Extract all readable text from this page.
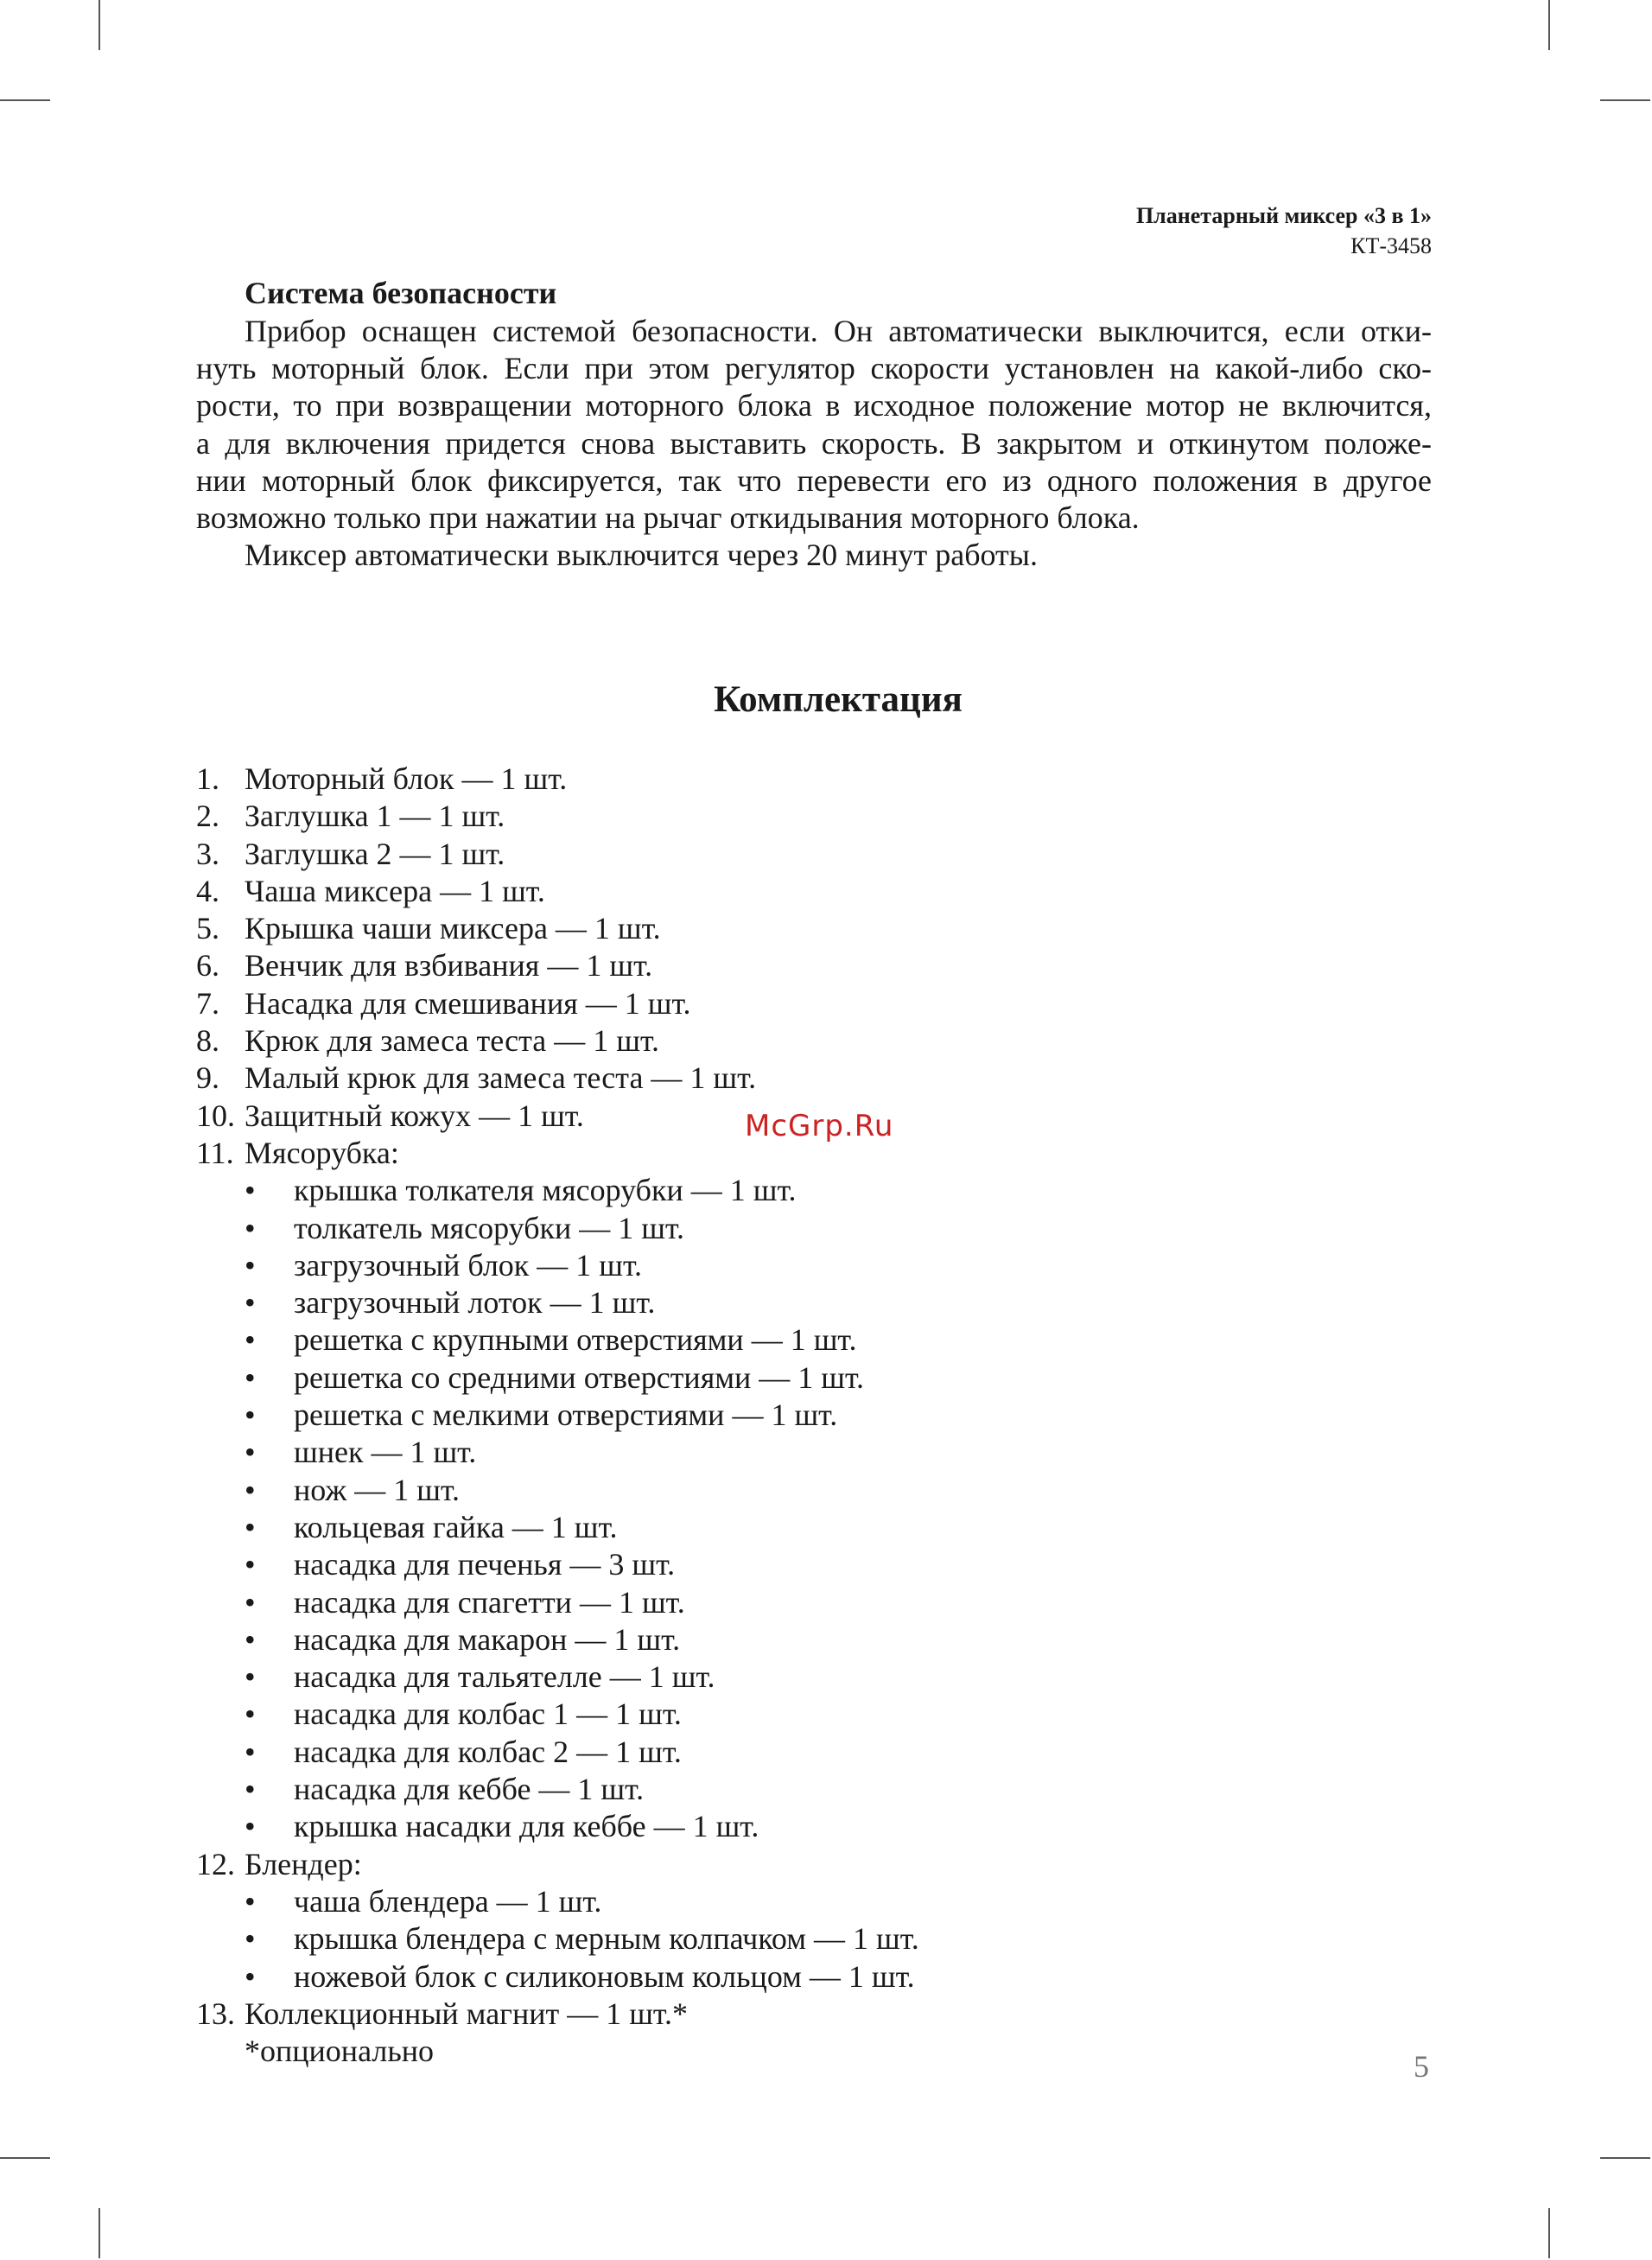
Планетарный миксер «3 в 1»
КТ-3458
Система безопасности

Прибор оснащен системой безопасности. Он автоматически выключится, если отки-

нуть моторный блок. Если при этом регулятор скорости установлен на какой-либо ско-

рости, то при возвращении моторного блока в исходное положение мотор не включится,

а для включения придется снова выставить скорость. В закрытом и откинутом положе-

нии моторный блок фиксируется, так что перевести его из одного положения в другое

возможно только при нажатии на рычаг откидывания моторного блока.

Миксер автоматически выключится через 20 минут работы.

Комплектация
1. Моторный блок — 1 шт.
2. Заглушка 1 — 1 шт.
3. Заглушка 2 — 1 шт.
4. Чаша миксера — 1 шт.
5. Крышка чаши миксера — 1 шт.
6. Венчик для взбивания — 1 шт.
7. Насадка для смешивания — 1 шт.
8. Крюк для замеса теста — 1 шт.
9. Малый крюк для замеса теста — 1 шт.
10. Защитный кожух — 1 шт.
11. Мясорубка:
• крышка толкателя мясорубки — 1 шт.
• толкатель мясорубки — 1 шт.
• загрузочный блок — 1 шт.
• загрузочный лоток — 1 шт.
• решетка с крупными отверстиями — 1 шт.
• решетка со средними отверстиями — 1 шт.
• решетка с мелкими отверстиями — 1 шт.
• шнек — 1 шт.
• нож — 1 шт.
• кольцевая гайка — 1 шт.
• насадка для печенья — 3 шт.
• насадка для спагетти — 1 шт.
• насадка для макарон — 1 шт.
• насадка для тальятелле — 1 шт.
• насадка для колбас 1 — 1 шт.
• насадка для колбас 2 — 1 шт.
• насадка для кеббе — 1 шт.
• крышка насадки для кеббе — 1 шт.
12. Блендер:
• чаша блендера — 1 шт.
• крышка блендера с мерным колпачком — 1 шт.
• ножевой блок с силиконовым кольцом — 1 шт.
13. Коллекционный магнит — 1 шт.*
*опционально
McGrp.Ru
5
